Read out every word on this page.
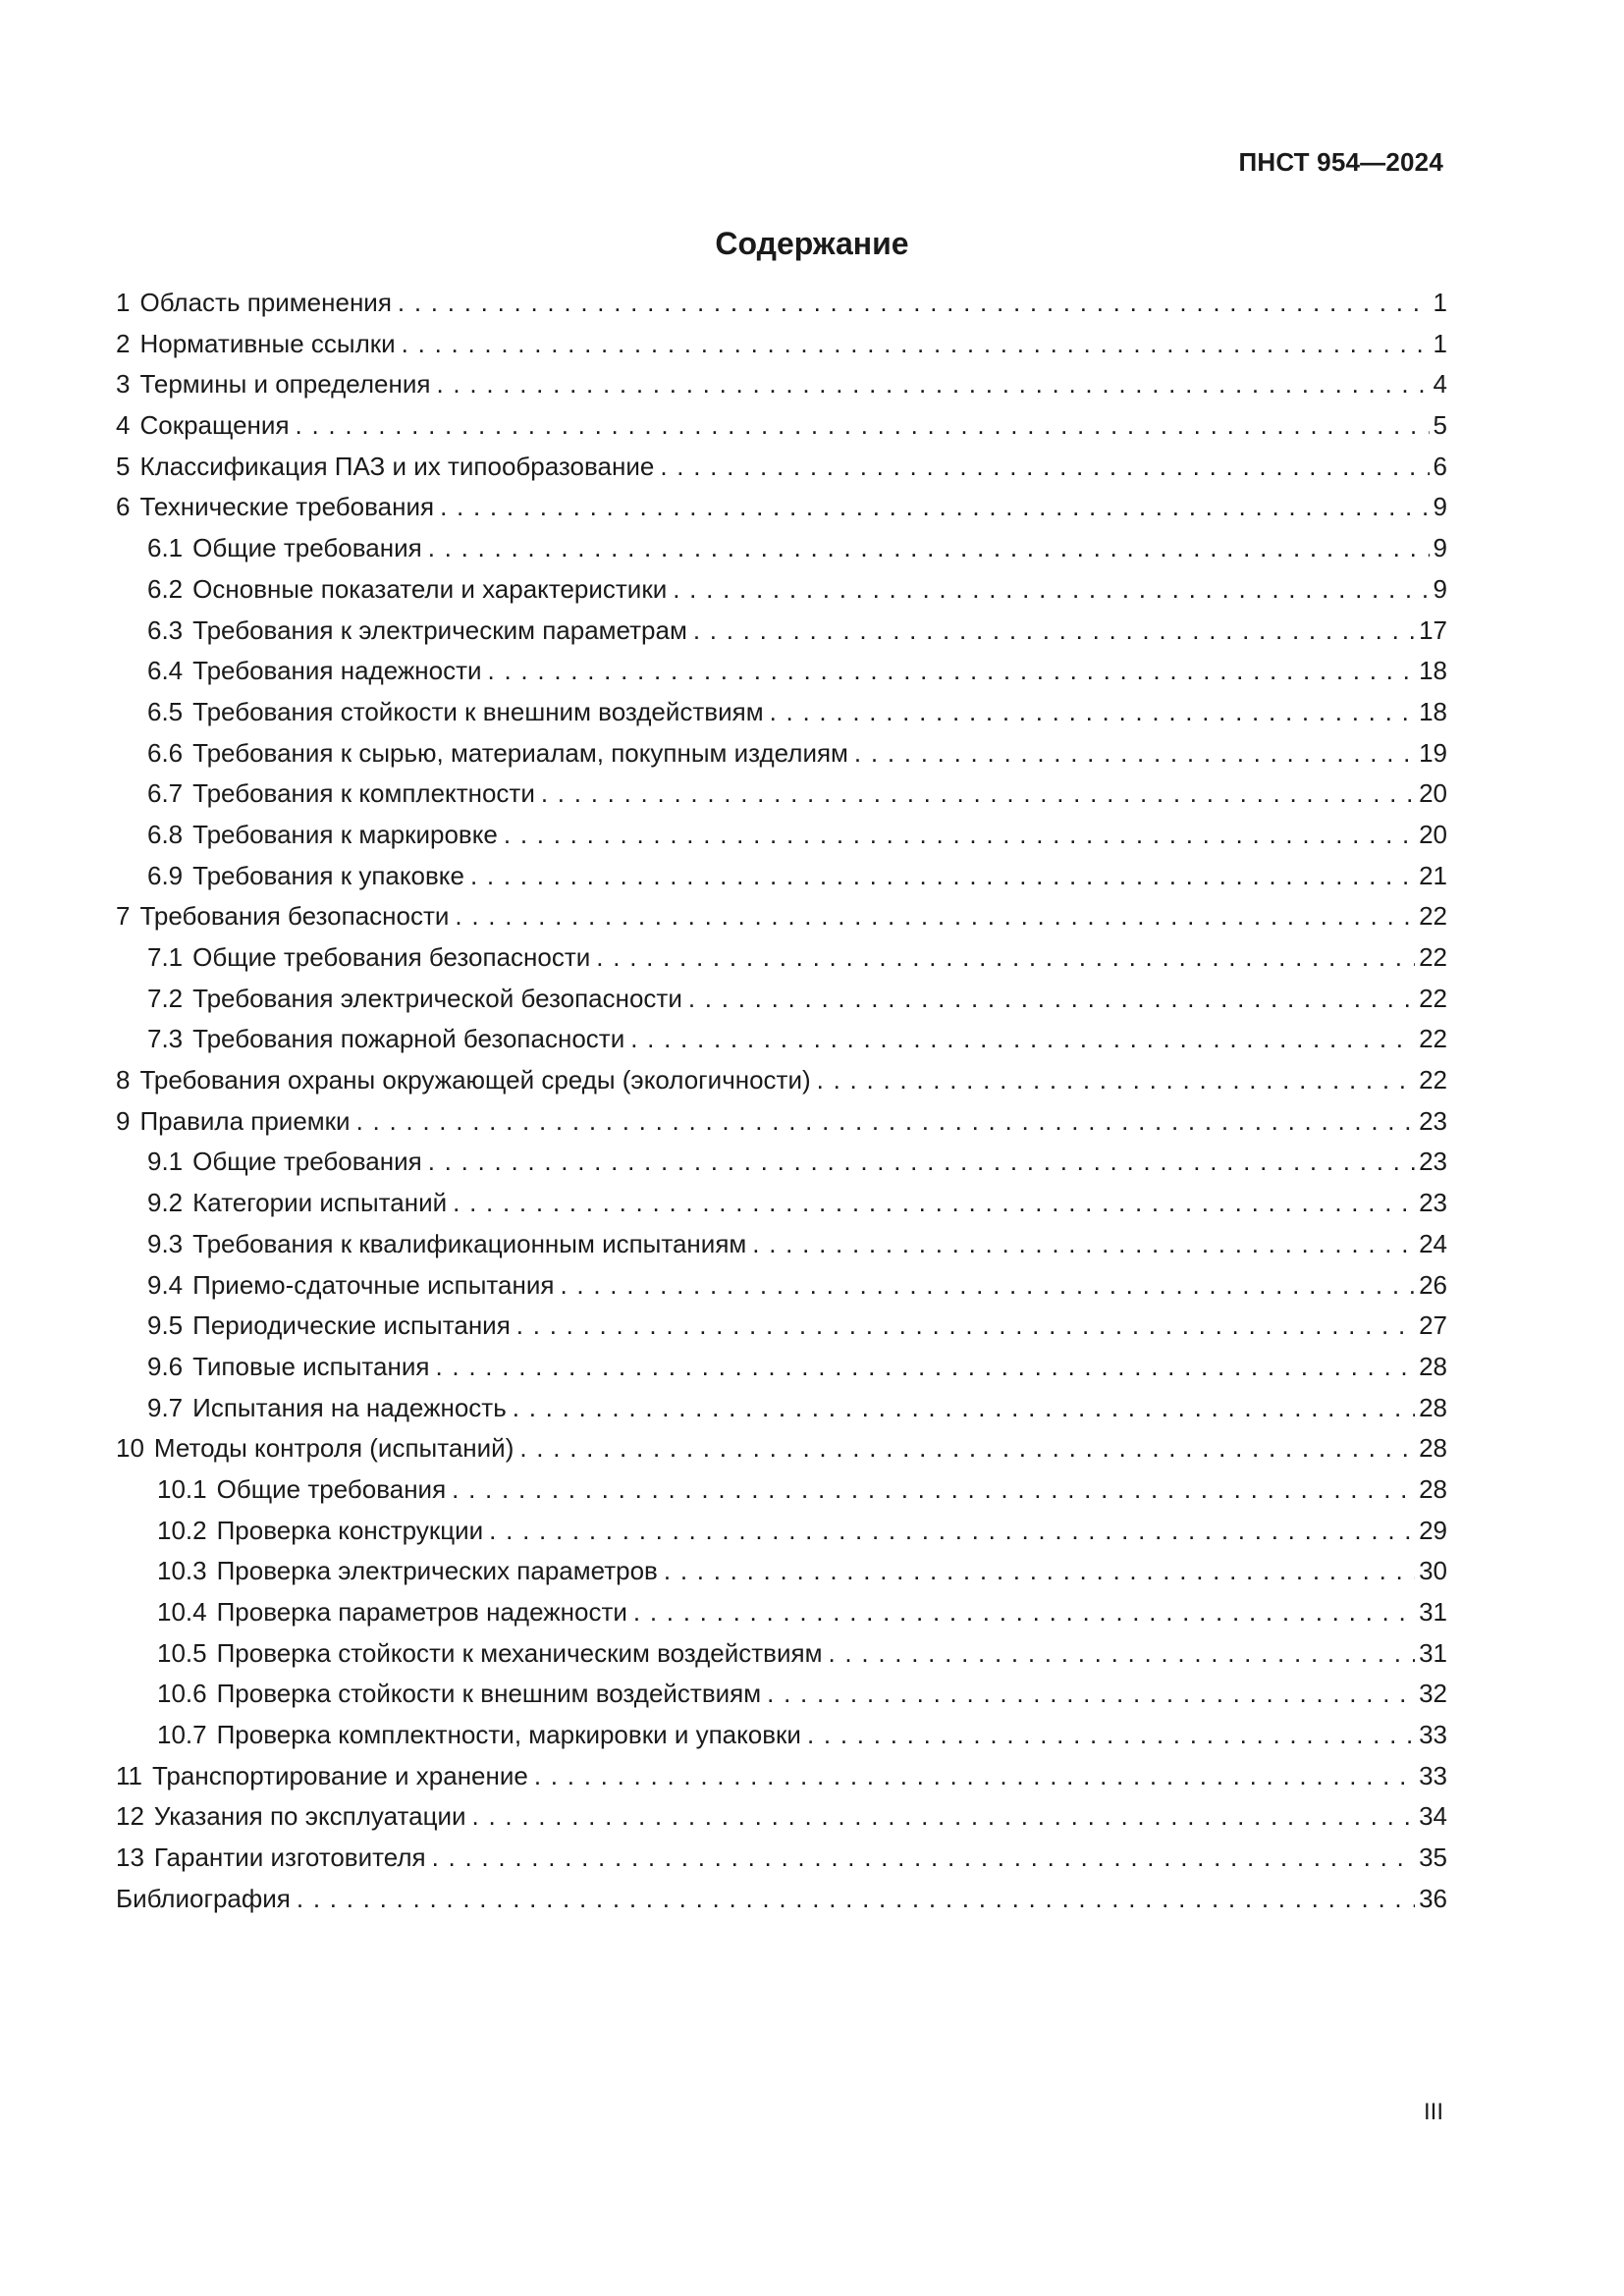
ПНСТ 954—2024
Содержание
1 Область применения . . .	1
2 Нормативные ссылки . . .	1
3 Термины и определения . . .	4
4 Сокращения . . .	5
5 Классификация ПАЗ и их типообразование . . .	6
6 Технические требования . . .	9
6.1 Общие требования . . .	9
6.2 Основные показатели и характеристики . . .	9
6.3 Требования к электрическим параметрам . . .	17
6.4 Требования надежности . . .	18
6.5 Требования стойкости к внешним воздействиям . . .	18
6.6 Требования к сырью, материалам, покупным изделиям . . .	19
6.7 Требования к комплектности . . .	20
6.8 Требования к маркировке . . .	20
6.9 Требования к упаковке . . .	21
7 Требования безопасности . . .	22
7.1 Общие требования безопасности . . .	22
7.2 Требования электрической безопасности . . .	22
7.3 Требования пожарной безопасности . . .	22
8 Требования охраны окружающей среды (экологичности) . . .	22
9 Правила приемки . . .	23
9.1 Общие требования . . .	23
9.2 Категории испытаний . . .	23
9.3 Требования к квалификационным испытаниям . . .	24
9.4 Приемо-сдаточные испытания . . .	26
9.5 Периодические испытания . . .	27
9.6 Типовые испытания . . .	28
9.7 Испытания на надежность . . .	28
10 Методы контроля (испытаний) . . .	28
10.1 Общие требования . . .	28
10.2 Проверка конструкции . . .	29
10.3 Проверка электрических параметров . . .	30
10.4 Проверка параметров надежности . . .	31
10.5 Проверка стойкости к механическим воздействиям . . .	31
10.6 Проверка стойкости к внешним воздействиям . . .	32
10.7 Проверка комплектности, маркировки и упаковки . . .	33
11 Транспортирование и хранение . . .	33
12 Указания по эксплуатации . . .	34
13 Гарантии изготовителя . . .	35
Библиография . . .	36
III
